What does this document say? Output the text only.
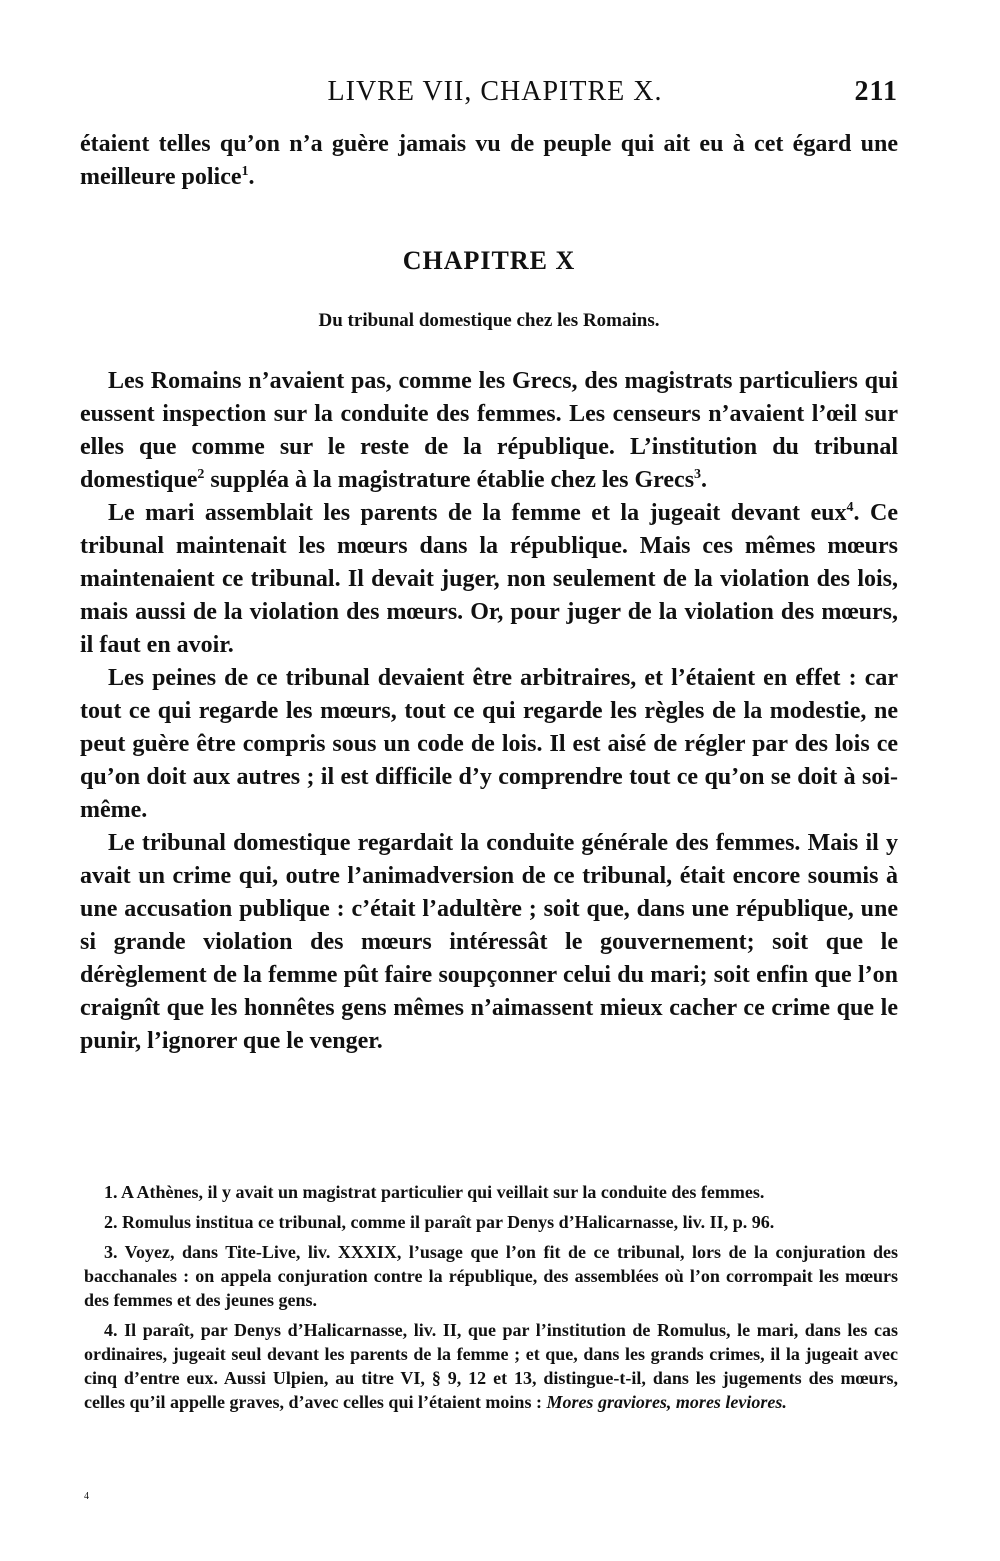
LIVRE VII, CHAPITRE X.	211

étaient telles qu’on n’a guère jamais vu de peuple qui ait eu à cet égard une meilleure police$^1$.

CHAPITRE X
Du tribunal domestique chez les Romains.

Les Romains n’avaient pas, comme les Grecs, des magistrats particuliers qui eussent inspection sur la conduite des femmes. Les censeurs n’avaient l’œil sur elles que comme sur le reste de la république. L’institution du tribunal domestique$^2$ suppléa à la magistrature établie chez les Grecs$^3$.

Le mari assemblait les parents de la femme et la jugeait devant eux$^4$. Ce tribunal maintenait les mœurs dans la république. Mais ces mêmes mœurs maintenaient ce tribunal. Il devait juger, non seulement de la violation des lois, mais aussi de la violation des mœurs. Or, pour juger de la violation des mœurs, il faut en avoir.

Les peines de ce tribunal devaient être arbitraires, et l’étaient en effet : car tout ce qui regarde les mœurs, tout ce qui regarde les règles de la modestie, ne peut guère être compris sous un code de lois. Il est aisé de régler par des lois ce qu’on doit aux autres ; il est difficile d’y comprendre tout ce qu’on se doit à soi-même.

Le tribunal domestique regardait la conduite générale des femmes. Mais il y avait un crime qui, outre l’animadversion de ce tribunal, était encore soumis à une accusation publique : c’était l’adultère ; soit que, dans une république, une si grande violation des mœurs intéressât le gouvernement; soit que le dérèglement de la femme pût faire soupçonner celui du mari; soit enfin que l’on craignît que les honnêtes gens mêmes n’aimassent mieux cacher ce crime que le punir, l’ignorer que le venger.

1. A Athènes, il y avait un magistrat particulier qui veillait sur la conduite des femmes.

2. Romulus institua ce tribunal, comme il paraît par Denys d’Halicarnasse, liv. II, p. 96.

3. Voyez, dans Tite-Live, liv. XXXIX, l’usage que l’on fit de ce tribunal, lors de la conjuration des bacchanales : on appela conjuration contre la république, des assemblées où l’on corrompait les mœurs des femmes et des jeunes gens.

4. Il paraît, par Denys d’Halicarnasse, liv. II, que par l’institution de Romulus, le mari, dans les cas ordinaires, jugeait seul devant les parents de la femme ; et que, dans les grands crimes, il la jugeait avec cinq d’entre eux. Aussi Ulpien, au titre VI, § 9, 12 et 13, distingue-t-il, dans les jugements des mœurs, celles qu’il appelle graves, d’avec celles qui l’étaient moins : Mores graviores, mores leviores.

4
